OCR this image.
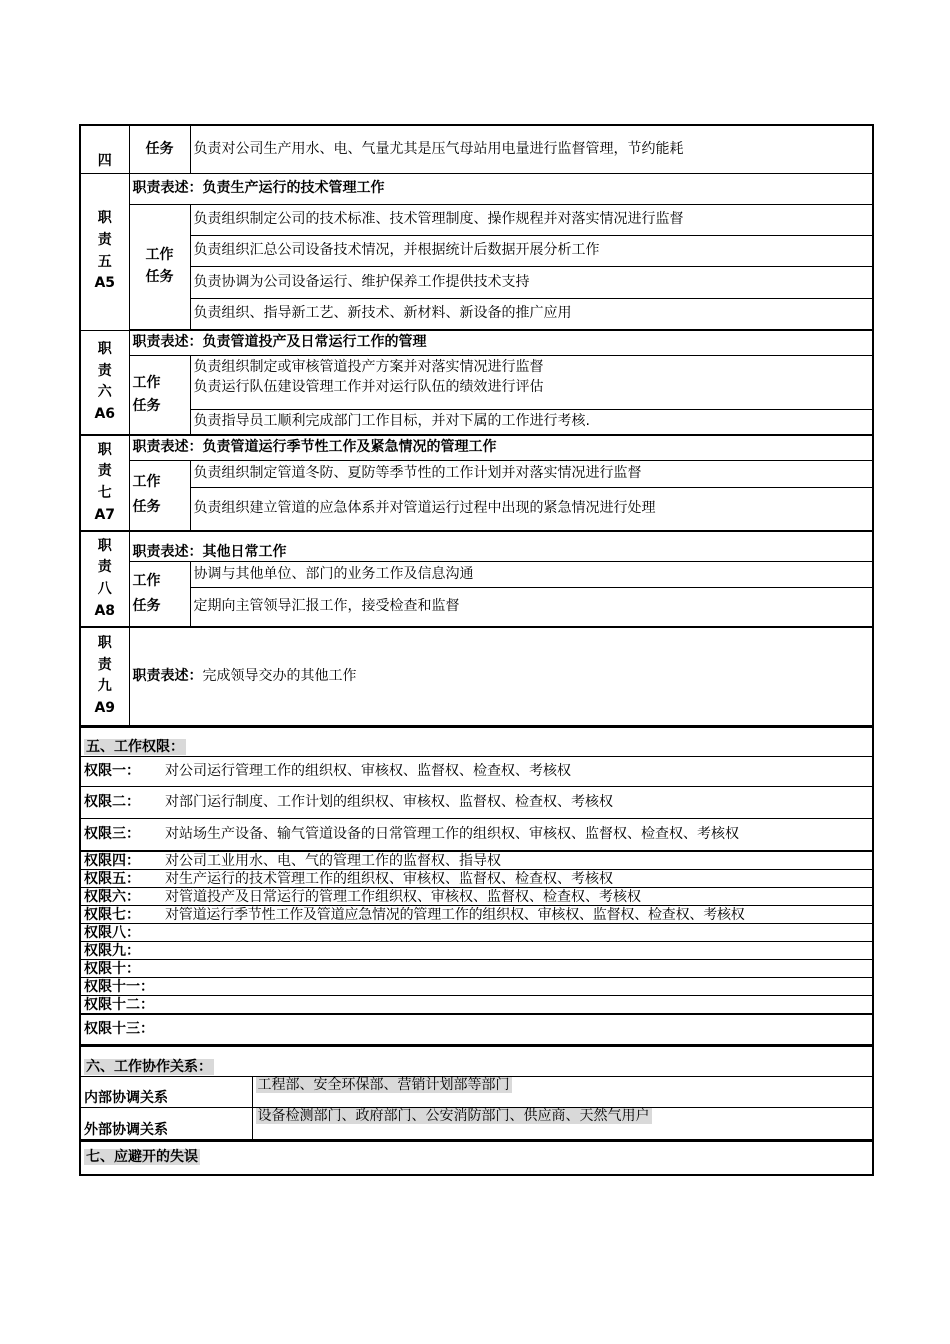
四	任务	负责对公司生产用水、电、气量尤其是压气母站用电量进行监督管理，节约能耗

职
责
五
A5	职责表述：负责生产运行的技术管理工作	

	工作
任务	负责组织制定公司的技术标准、技术管理制度、操作规程并对落实情况进行监督
		负责组织汇总公司设备技术情况，并根据统计后数据开展分析工作
		负责协调为公司设备运行、维护保养工作提供技术支持
		负责组织、指导新工艺、新技术、新材料、新设备的推广应用

职
责
六
A6	职责表述：负责管道投产及日常运行工作的管理	

	工作
任务	负责组织制定或审核管道投产方案并对落实情况进行监督
		负责运行队伍建设管理工作并对运行队伍的绩效进行评估
		负责指导员工顺利完成部门工作目标，并对下属的工作进行考核.

职
责
七
A7	职责表述：负责管道运行季节性工作及紧急情况的管理工作	

	工作
任务	负责组织制定管道冬防、夏防等季节性的工作计划并对落实情况进行监督
		负责组织建立管道的应急体系并对管道运行过程中出现的紧急情况进行处理

职
责
八
A8	职责表述：其他日常工作	

	工作
任务	协调与其他单位、部门的业务工作及信息沟通
		定期向主管领导汇报工作，接受检查和监督

职
责
九
A9	职责表述：完成领导交办的其他工作	
五、工作权限：	
权限一：	对公司运行管理工作的组织权、审核权、监督权、检查权、考核权
权限二：	对部门运行制度、工作计划的组织权、审核权、监督权、检查权、考核权
权限三：	对站场生产设备、输气管道设备的日常管理工作的组织权、审核权、监督权、检查权、考核权
权限四：	对公司工业用水、电、气的管理工作的监督权、指导权
权限五：	对生产运行的技术管理工作的组织权、审核权、监督权、检查权、考核权
权限六：	对管道投产及日常运行的管理工作组织权、审核权、监督权、检查权、考核权
权限七：	对管道运行季节性工作及管道应急情况的管理工作的组织权、审核权、监督权、检查权、考核权
权限八：	
权限九：	
权限十：	
权限十一：	
权限十二：	
权限十三：
六、工作协作关系：	
内部协调关系	工程部、安全环保部、营销计划部等部门
外部协调关系	设备检测部门、政府部门、公安消防部门、供应商、天然气用户
七、应避开的失误
